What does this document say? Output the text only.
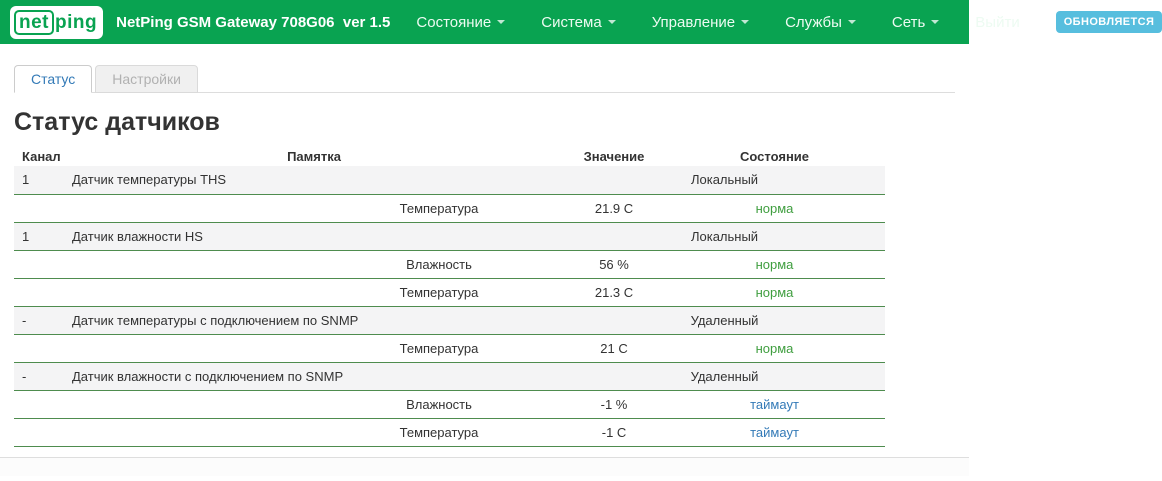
net ping NetPing GSM Gateway 708G06  ver 1.5 Состояние	Система	Управление	Службы	Сеть	Выйти	ОБНОВЛЯЕТСЯ
Статус	Настройки
Статус датчиков
Канал	Памятка		Значение	Состояние
1	Датчик температуры THS		Локальный	
		Температура	21.9 C	норма
1	Датчик влажности HS		Локальный	
		Влажность	56 %	норма
		Температура	21.3 C	норма
-	Датчик температуры с подключением по SNMP		Удаленный	
		Температура	21 C	норма
-	Датчик влажности с подключением по SNMP		Удаленный	
		Влажность	-1 %	таймаут
		Температура	-1 C	таймаут
